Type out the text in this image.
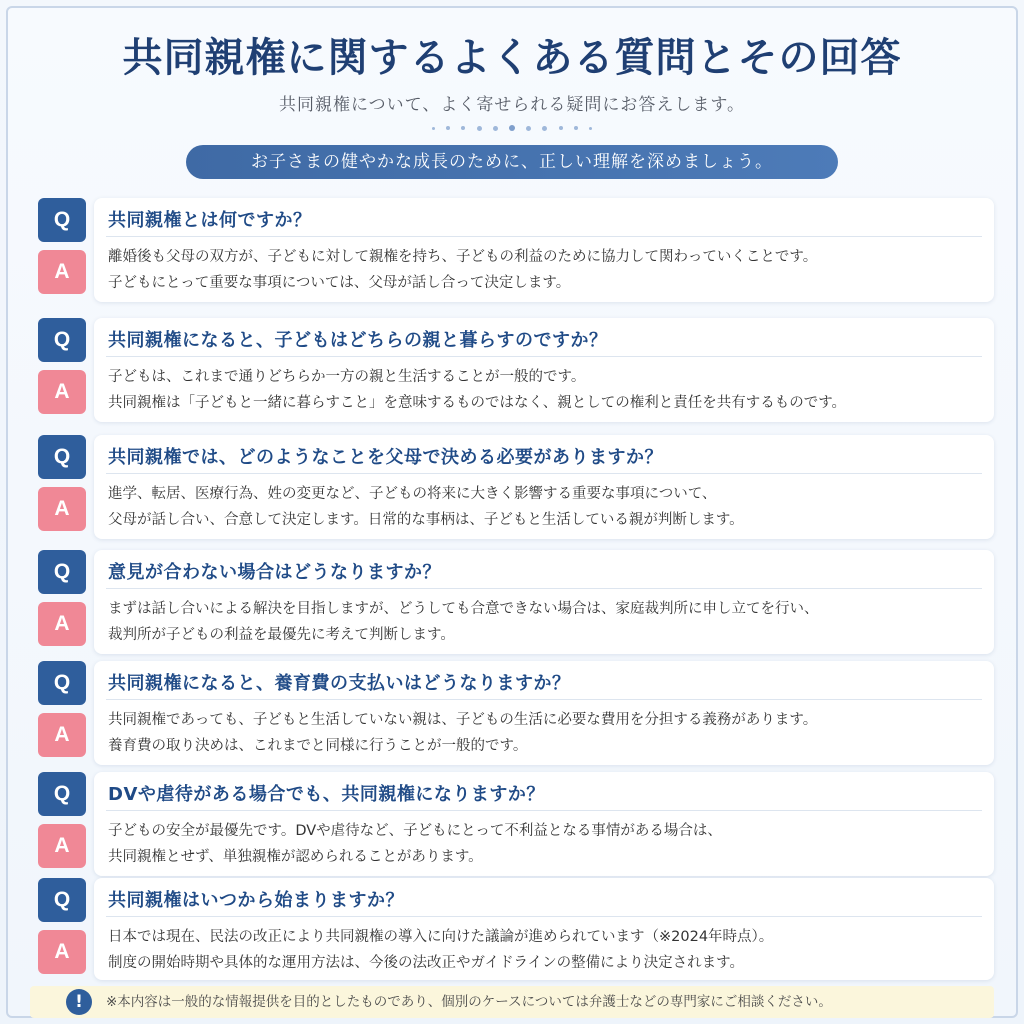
共同親権に関するよくある質問とその回答

共同親権について、よく寄せられる疑問にお答えします。

お子さまの健やかな成長のために、正しい理解を深めましょう。
Q
A
共同親権とは何ですか？
離婚後も父母の双方が、子どもに対して親権を持ち、子どもの利益のために協力して関わっていくことです。
子どもにとって重要な事項については、父母が話し合って決定します。
Q
A
共同親権になると、子どもはどちらの親と暮らすのですか？
子どもは、これまで通りどちらか一方の親と生活することが一般的です。
共同親権は「子どもと一緒に暮らすこと」を意味するものではなく、親としての権利と責任を共有するものです。
Q
A
共同親権では、どのようなことを父母で決める必要がありますか？
進学、転居、医療行為、姓の変更など、子どもの将来に大きく影響する重要な事項について、
父母が話し合い、合意して決定します。日常的な事柄は、子どもと生活している親が判断します。
Q
A
意見が合わない場合はどうなりますか？
まずは話し合いによる解決を目指しますが、どうしても合意できない場合は、家庭裁判所に申し立てを行い、
裁判所が子どもの利益を最優先に考えて判断します。
Q
A
共同親権になると、養育費の支払いはどうなりますか？
共同親権であっても、子どもと生活していない親は、子どもの生活に必要な費用を分担する義務があります。
養育費の取り決めは、これまでと同様に行うことが一般的です。
Q
A
DVや虐待がある場合でも、共同親権になりますか？
子どもの安全が最優先です。DVや虐待など、子どもにとって不利益となる事情がある場合は、
共同親権とせず、単独親権が認められることがあります。
Q
A
共同親権はいつから始まりますか？
日本では現在、民法の改正により共同親権の導入に向けた議論が進められています（※2024年時点）。
制度の開始時期や具体的な運用方法は、今後の法改正やガイドラインの整備により決定されます。
!	※本内容は一般的な情報提供を目的としたものであり、個別のケースについては弁護士などの専門家にご相談ください。
